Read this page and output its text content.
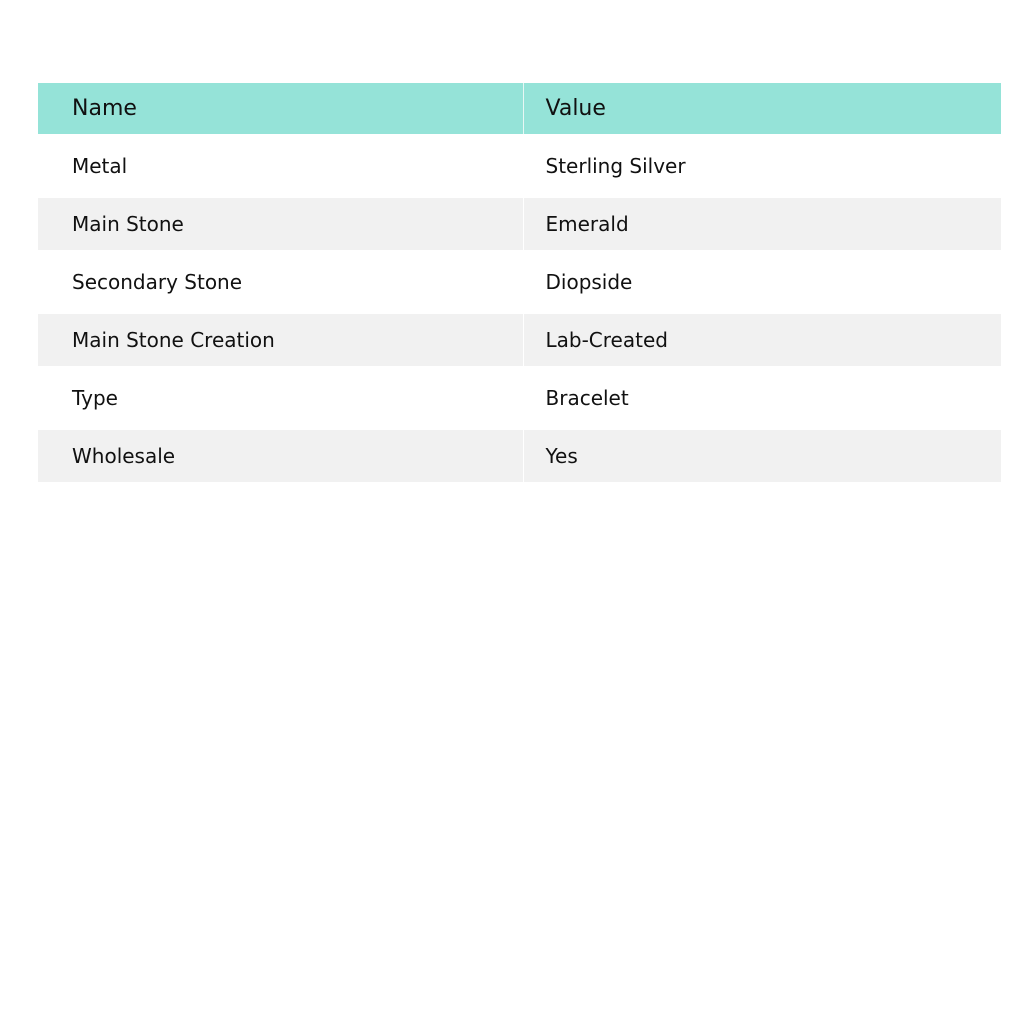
Name	Value
Metal	Sterling Silver
Main Stone	Emerald
Secondary Stone	Diopside
Main Stone Creation	Lab-Created
Type	Bracelet
Wholesale	Yes
